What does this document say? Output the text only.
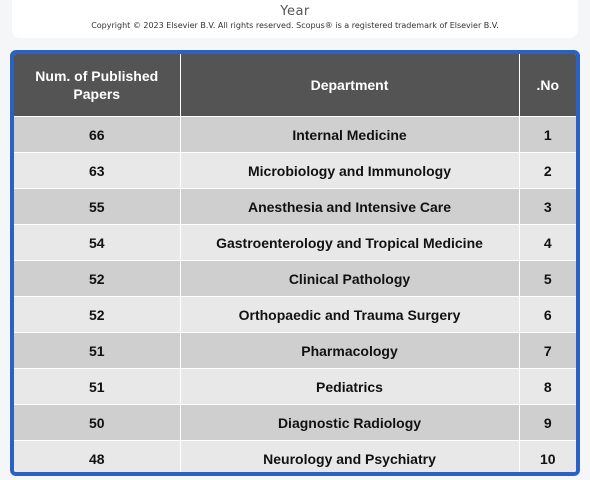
Year
Copyright © 2023 Elsevier B.V. All rights reserved. Scopus® is a registered trademark of Elsevier B.V.
Num. of Published Papers	Department	.No
66	Internal Medicine	1
63	Microbiology and Immunology	2
55	Anesthesia and Intensive Care	3
54	Gastroenterology and Tropical Medicine	4
52	Clinical Pathology	5
52	Orthopaedic and Trauma Surgery	6
51	Pharmacology	7
51	Pediatrics	8
50	Diagnostic Radiology	9
48	Neurology and Psychiatry	10
